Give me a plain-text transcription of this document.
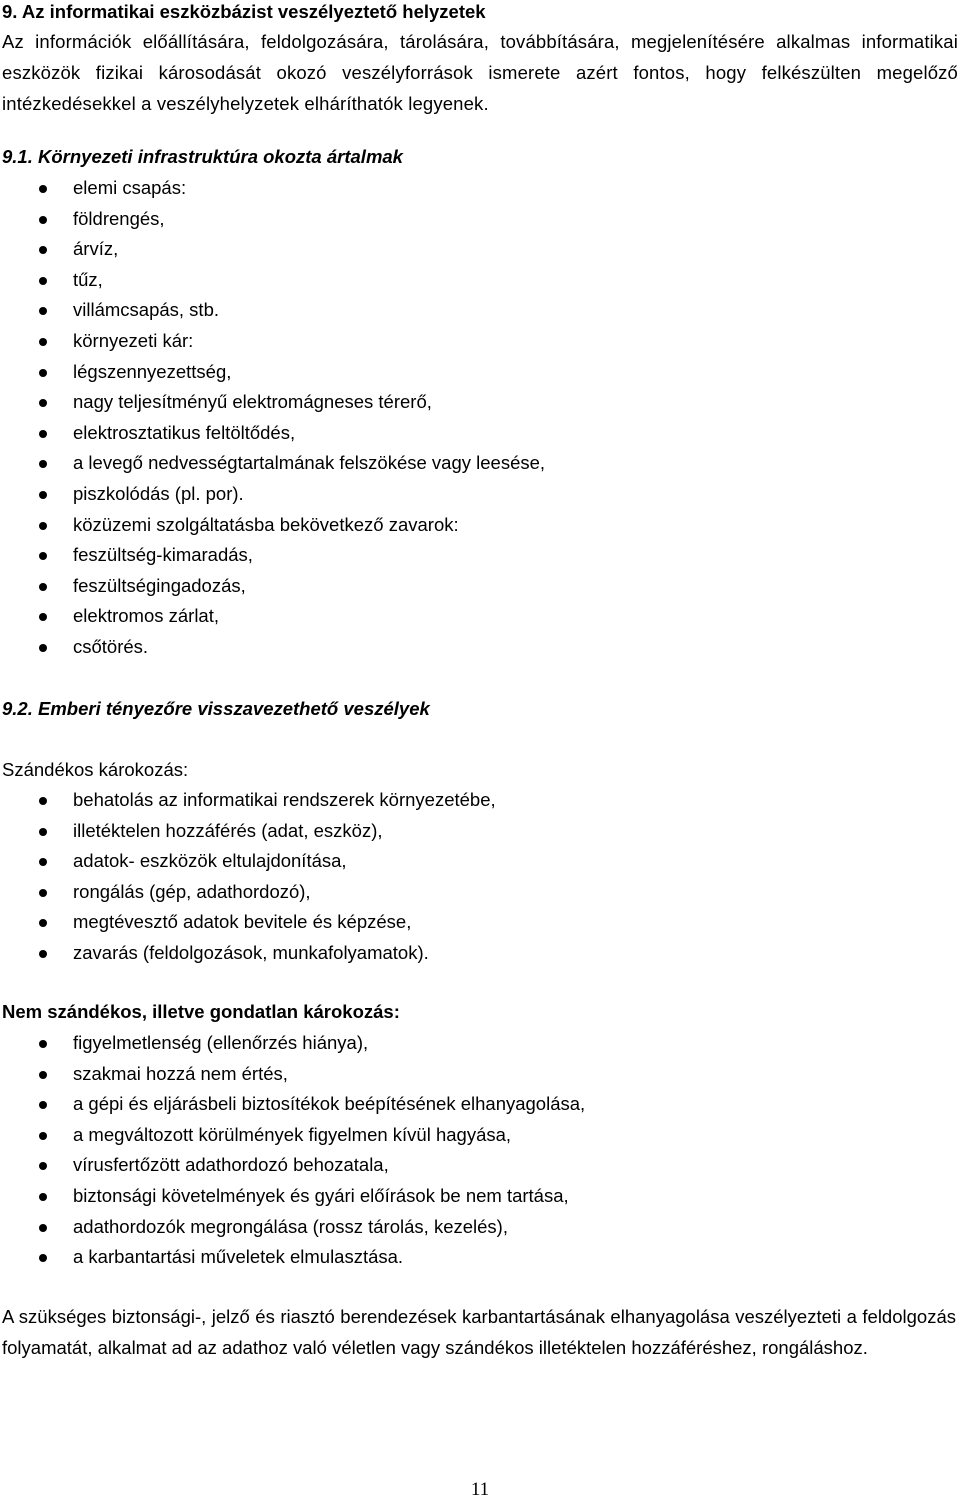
9. Az informatikai eszközbázist veszélyeztető helyzetek

Az információk előállítására, feldolgozására, tárolására, továbbítására, megjelenítésére alkalmas informatikai eszközök fizikai károsodását okozó veszélyforrások ismerete azért fontos, hogy felkészülten megelőző intézkedésekkel a veszélyhelyzetek elháríthatók legyenek.

9.1. Környezeti infrastruktúra okozta ártalmak
elemi csapás:
földrengés,
árvíz,
tűz,
villámcsapás, stb.
környezeti kár:
légszennyezettség,
nagy teljesítményű elektromágneses térerő,
elektrosztatikus feltöltődés,
a levegő nedvességtartalmának felszökése vagy leesése,
piszkolódás (pl. por).
közüzemi szolgáltatásba bekövetkező zavarok:
feszültség-kimaradás,
feszültségingadozás,
elektromos zárlat,
csőtörés.
9.2. Emberi tényezőre visszavezethető veszélyek
Szándékos károkozás:
behatolás az informatikai rendszerek környezetébe,
illetéktelen hozzáférés (adat, eszköz),
adatok- eszközök eltulajdonítása,
rongálás (gép, adathordozó),
megtévesztő adatok bevitele és képzése,
zavarás (feldolgozások, munkafolyamatok).
Nem szándékos, illetve gondatlan károkozás:
figyelmetlenség (ellenőrzés hiánya),
szakmai hozzá nem értés,
a gépi és eljárásbeli biztosítékok beépítésének elhanyagolása,
a megváltozott körülmények figyelmen kívül hagyása,
vírusfertőzött adathordozó behozatala,
biztonsági követelmények és gyári előírások be nem tartása,
adathordozók megrongálása (rossz tárolás, kezelés),
a karbantartási műveletek elmulasztása.

A szükséges biztonsági-, jelző és riasztó berendezések karbantartásának elhanyagolása veszélyezteti a feldolgozás folyamatát, alkalmat ad az adathoz való véletlen vagy szándékos illetéktelen hozzáféréshez, rongáláshoz.

11
